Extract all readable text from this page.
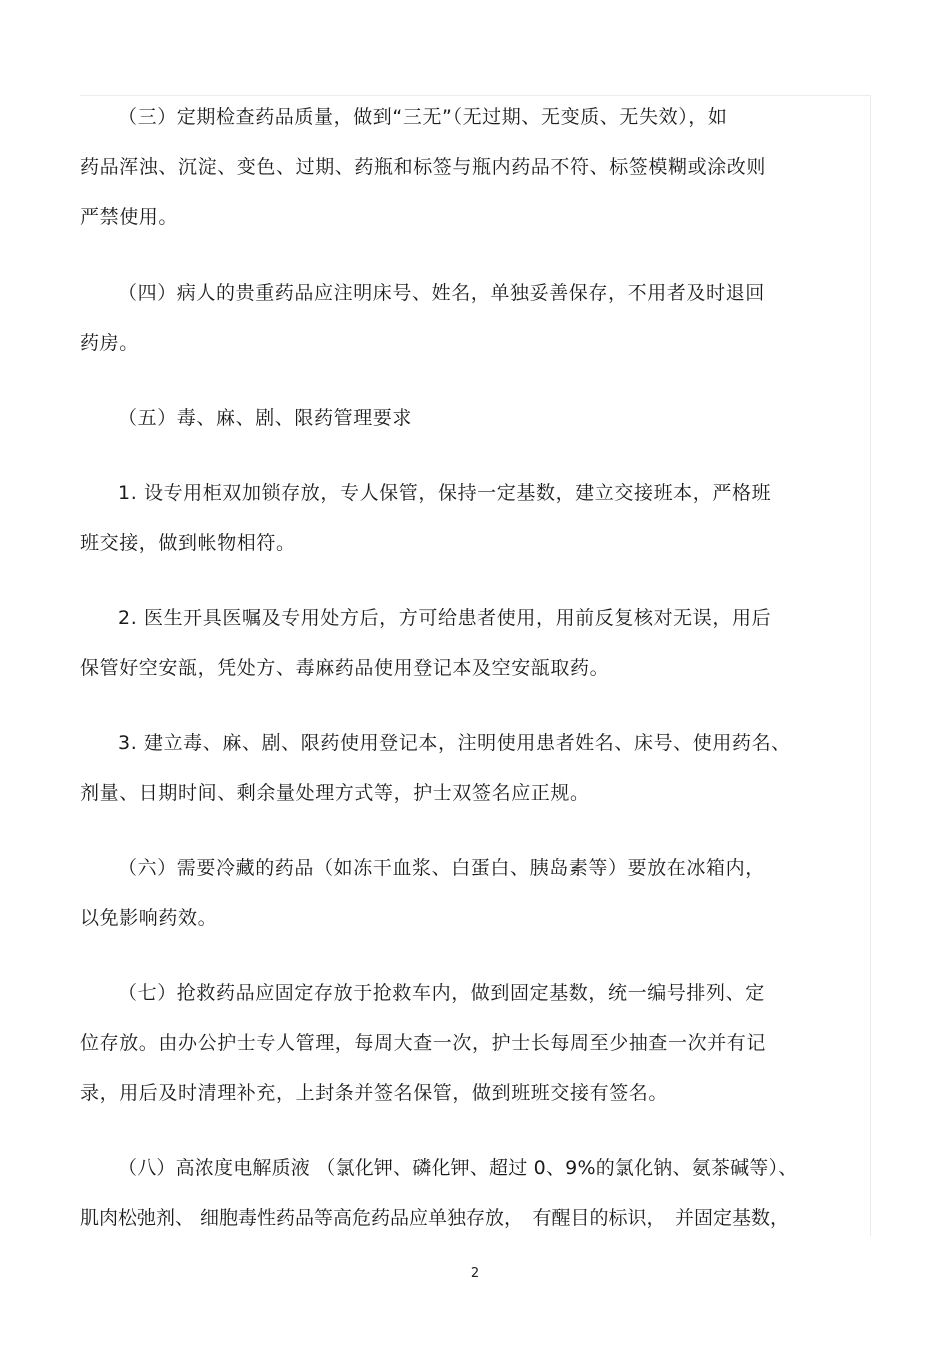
（三）定期检查药品质量，做到“三无”（无过期、无变质、无失效），如

药品浑浊、沉淀、变色、过期、药瓶和标签与瓶内药品不符、标签模糊或涂改则

严禁使用。

（四）病人的贵重药品应注明床号、姓名，单独妥善保存，不用者及时退回

药房。

（五）毒、麻、剧、限药管理要求

1. 设专用柜双加锁存放，专人保管，保持一定基数，建立交接班本，严格班

班交接，做到帐物相符。

2. 医生开具医嘱及专用处方后，方可给患者使用，用前反复核对无误，用后

保管好空安瓿，凭处方、毒麻药品使用登记本及空安瓿取药。

3. 建立毒、麻、剧、限药使用登记本，注明使用患者姓名、床号、使用药名、

剂量、日期时间、剩余量处理方式等，护士双签名应正规。

（六）需要冷藏的药品（如冻干血浆、白蛋白、胰岛素等）要放在冰箱内，

以免影响药效。

（七）抢救药品应固定存放于抢救车内，做到固定基数，统一编号排列、定

位存放。由办公护士专人管理，每周大查一次，护士长每周至少抽查一次并有记

录，用后及时清理补充，上封条并签名保管，做到班班交接有签名。

（八）高浓度电解质液 （氯化钾、磷化钾、超过 0、9%的氯化钠、氨茶碱等）、

肌肉松弛剂、 细胞毒性药品等高危药品应单独存放，　有醒目的标识，　并固定基数，

2
